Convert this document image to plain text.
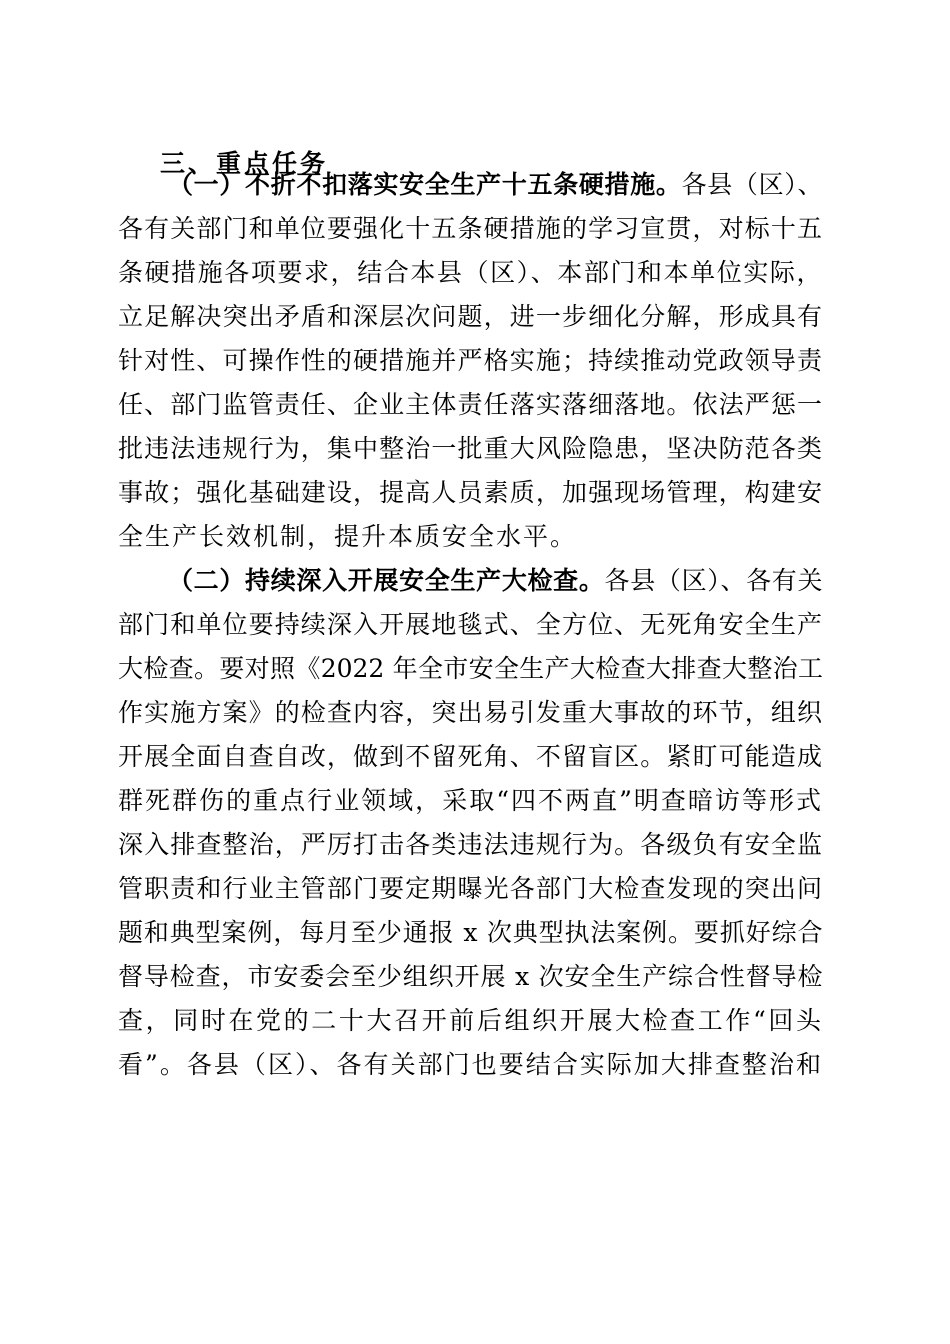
三、重点任务
（一）不折不扣落实安全生产十五条硬措施。各县（区）、
各有关部门和单位要强化十五条硬措施的学习宣贯，对标十五
条硬措施各项要求，结合本县（区）、本部门和本单位实际，
立足解决突出矛盾和深层次问题，进一步细化分解，形成具有
针对性、可操作性的硬措施并严格实施；持续推动党政领导责
任、部门监管责任、企业主体责任落实落细落地。依法严惩一
批违法违规行为，集中整治一批重大风险隐患，坚决防范各类
事故；强化基础建设，提高人员素质，加强现场管理，构建安
全生产长效机制，提升本质安全水平。
（二）持续深入开展安全生产大检查。各县（区）、各有关
部门和单位要持续深入开展地毯式、全方位、无死角安全生产
大检查。要对照《2022 年全市安全生产大检查大排查大整治工
作实施方案》的检查内容，突出易引发重大事故的环节，组织
开展全面自查自改，做到不留死角、不留盲区。紧盯可能造成
群死群伤的重点行业领域，采取“四不两直”明查暗访等形式
深入排查整治，严厉打击各类违法违规行为。各级负有安全监
管职责和行业主管部门要定期曝光各部门大检查发现的突出问
题和典型案例，每月至少通报 x 次典型执法案例。要抓好综合
督导检查，市安委会至少组织开展 x 次安全生产综合性督导检
查，同时在党的二十大召开前后组织开展大检查工作“回头
看”。各县（区）、各有关部门也要结合实际加大排查整治和
